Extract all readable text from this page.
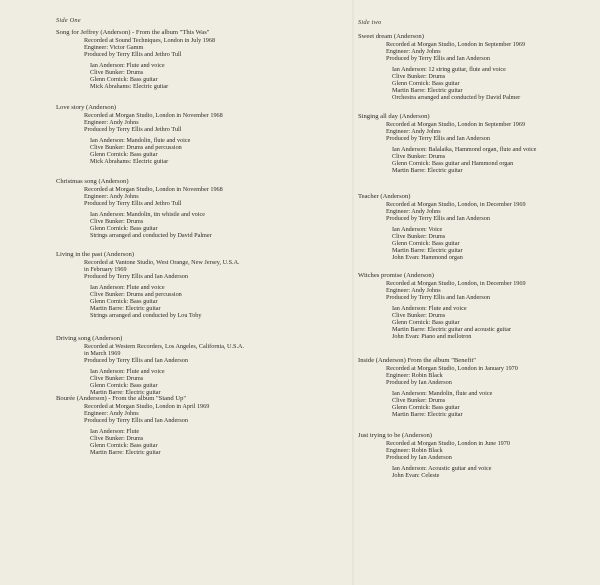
Side One
Song for Jeffrey (Anderson) - From the album "This Was"
Recorded at Sound Techniques, London in July 1968
Engineer: Victor Gamm
Produced by Terry Ellis and Jethro Tull
Ian Anderson: Flute and voice
Clive Bunker: Drums
Glenn Cornick: Bass guitar
Mick Abrahams: Electric guitar
Love story (Anderson)
Recorded at Morgan Studio, London in November 1968
Engineer: Andy Johns
Produced by Terry Ellis and Jethro Tull
Ian Anderson: Mandolin, flute and voice
Clive Bunker: Drums and percussion
Glenn Cornick: Bass guitar
Mick Abrahams: Electric guitar
Christmas song (Anderson)
Recorded at Morgan Studio, London in November 1968
Engineer: Andy Johns
Produced by Terry Ellis and Jethro Tull
Ian Anderson: Mandolin, tin whistle and voice
Clive Bunker: Drums
Glenn Cornick: Bass guitar
Strings arranged and conducted by David Palmer
Living in the past (Anderson)
Recorded at Vantone Studio, West Orange, New Jersey, U.S.A.
in February 1969
Produced by Terry Ellis and Ian Anderson
Ian Anderson: Flute and voice
Clive Bunker: Drums and percussion
Glenn Cornick: Bass guitar
Martin Barre: Electric guitar
Strings arranged and conducted by Lou Toby
Driving song (Anderson)
Recorded at Western Recorders, Los Angeles, California, U.S.A.
in March 1969
Produced by Terry Ellis and Ian Anderson
Ian Anderson: Flute and voice
Clive Bunker: Drums
Glenn Cornick: Bass guitar
Martin Barre: Electric guitar
Bourée (Anderson) - From the album "Stand Up"
Recorded at Morgan Studio, London in April 1969
Engineer: Andy Johns
Produced by Terry Ellis and Ian Anderson
Ian Anderson: Flute
Clive Bunker: Drums
Glenn Cornick: Bass guitar
Martin Barre: Electric guitar
Side two
Sweet dream (Anderson)
Recorded at Morgan Studio, London in September 1969
Engineer: Andy Johns
Produced by Terry Ellis and Ian Anderson
Ian Anderson: 12 string guitar, flute and voice
Clive Bunker: Drums
Glenn Cornick: Bass guitar
Martin Barre: Electric guitar
Orchestra arranged and conducted by David Palmer
Singing all day (Anderson)
Recorded at Morgan Studio, London in September 1969
Engineer: Andy Johns
Produced by Terry Ellis and Ian Anderson
Ian Anderson: Balalaika, Hammond organ, flute and voice
Clive Bunker: Drums
Glenn Cornick: Bass guitar and Hammond organ
Martin Barre: Electric guitar
Teacher (Anderson)
Recorded at Morgan Studio, London, in December 1969
Engineer: Andy Johns
Produced by Terry Ellis and Ian Anderson
Ian Anderson: Voice
Clive Bunker: Drums
Glenn Cornick: Bass guitar
Martin Barre: Electric guitar
John Evan: Hammond organ
Witches promise (Anderson)
Recorded at Morgan Studio, London, in December 1969
Engineer: Andy Johns
Produced by Terry Ellis and Ian Anderson
Ian Anderson: Flute and voice
Clive Bunker: Drums
Glenn Cornick: Bass guitar
Martin Barre: Electric guitar and acoustic guitar
John Evan: Piano and mellotron
Inside (Anderson) From the album "Benefit"
Recorded at Morgan Studio, London in January 1970
Engineer: Robin Black
Produced by Ian Anderson
Ian Anderson: Mandolin, flute and voice
Clive Bunker: Drums
Glenn Cornick: Bass guitar
Martin Barre: Electric guitar
Just trying to be (Anderson)
Recorded at Morgan Studio, London in June 1970
Engineer: Robin Black
Produced by Ian Anderson
Ian Anderson: Acoustic guitar and voice
John Evan: Celeste
